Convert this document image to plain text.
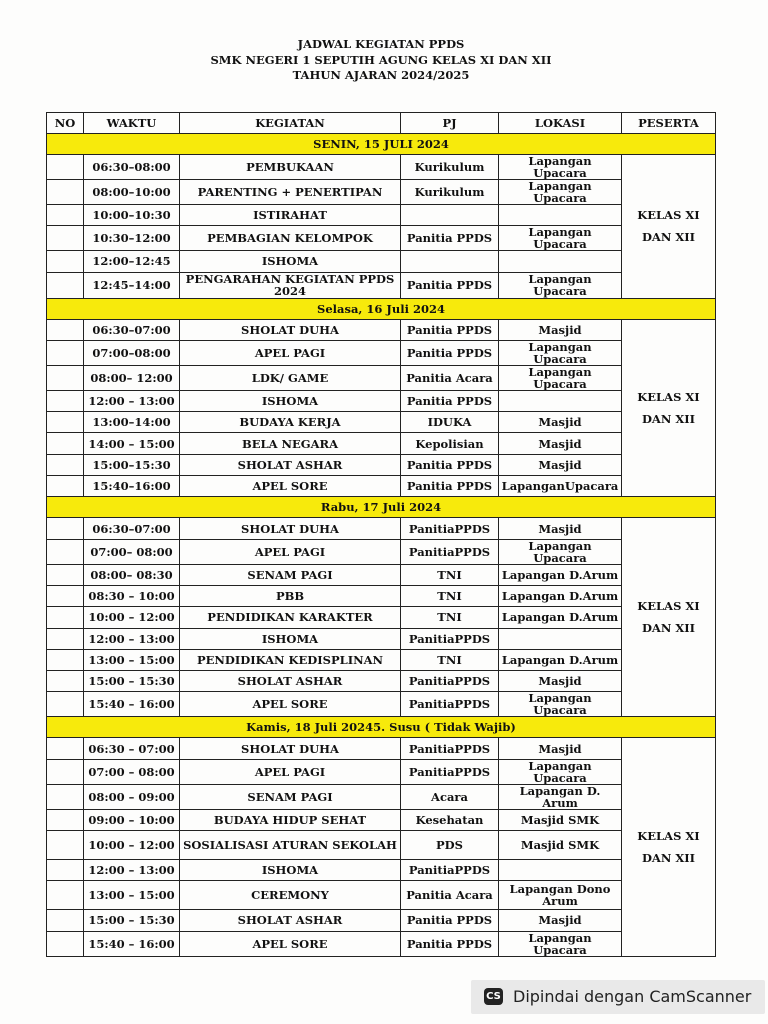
JADWAL KEGIATAN PPDS
SMK NEGERI 1 SEPUTIH AGUNG KELAS XI DAN XII
TAHUN AJARAN 2024/2025
NO	WAKTU	KEGIATAN	PJ	LOKASI	PESERTA
SENIN, 15 JULI 2024					
	06:30–08:00	PEMBUKAAN	Kurikulum	Lapangan Upacara	KELAS XI
DAN XII

	08:00–10:00	PARENTING + PENERTIPAN	Kurikulum	Lapangan Upacara	
	10:00–10:30	ISTIRAHAT			
	10:30–12:00	PEMBAGIAN KELOMPOK	Panitia PPDS	Lapangan Upacara	
	12:00–12:45	ISHOMA			
	12:45–14:00	PENGARAHAN KEGIATAN PPDS 2024	Panitia PPDS	Lapangan Upacara	
Selasa, 16 Juli 2024					
	06:30–07:00	SHOLAT DUHA	Panitia PPDS	Masjid	KELAS XI
DAN XII

	07:00–08:00	APEL PAGI	Panitia PPDS	Lapangan Upacara	
	08:00– 12:00	LDK/ GAME	Panitia Acara	Lapangan Upacara	
	12:00 – 13:00	ISHOMA	Panitia PPDS		
	13:00–14:00	BUDAYA KERJA	IDUKA	Masjid	
	14:00 – 15:00	BELA NEGARA	Kepolisian	Masjid	
	15:00–15:30	SHOLAT ASHAR	Panitia PPDS	Masjid	
	15:40–16:00	APEL SORE	Panitia PPDS	LapanganUpacara	
Rabu, 17 Juli 2024					
	06:30–07:00	SHOLAT DUHA	PanitiaPPDS	Masjid	KELAS XI
DAN XII

	07:00– 08:00	APEL PAGI	PanitiaPPDS	Lapangan Upacara	
	08:00– 08:30	SENAM PAGI	TNI	Lapangan D.Arum	
	08:30 – 10:00	PBB	TNI	Lapangan D.Arum	
	10:00 – 12:00	PENDIDIKAN KARAKTER	TNI	Lapangan D.Arum	
	12:00 – 13:00	ISHOMA	PanitiaPPDS		
	13:00 – 15:00	PENDIDIKAN KEDISPLINAN	TNI	Lapangan D.Arum	
	15:00 – 15:30	SHOLAT ASHAR	PanitiaPPDS	Masjid	
	15:40 – 16:00	APEL SORE	PanitiaPPDS	Lapangan Upacara	
Kamis, 18 Juli 20245. Susu ( Tidak Wajib)					
	06:30 – 07:00	SHOLAT DUHA	PanitiaPPDS	Masjid	KELAS XI
DAN XII

	07:00 – 08:00	APEL PAGI	PanitiaPPDS	Lapangan Upacara	
	08:00 – 09:00	SENAM PAGI	Acara	Lapangan D. Arum	
	09:00 – 10:00	BUDAYA HIDUP SEHAT	Kesehatan	Masjid SMK	
	10:00 – 12:00	SOSIALISASI ATURAN SEKOLAH	PDS	Masjid SMK	
	12:00 – 13:00	ISHOMA	PanitiaPPDS		
	13:00 – 15:00	CEREMONY	Panitia Acara	Lapangan Dono Arum	
	15:00 – 15:30	SHOLAT ASHAR	Panitia PPDS	Masjid	
	15:40 – 16:00	APEL SORE	Panitia PPDS	Lapangan Upacara	
CS Dipindai dengan CamScanner
